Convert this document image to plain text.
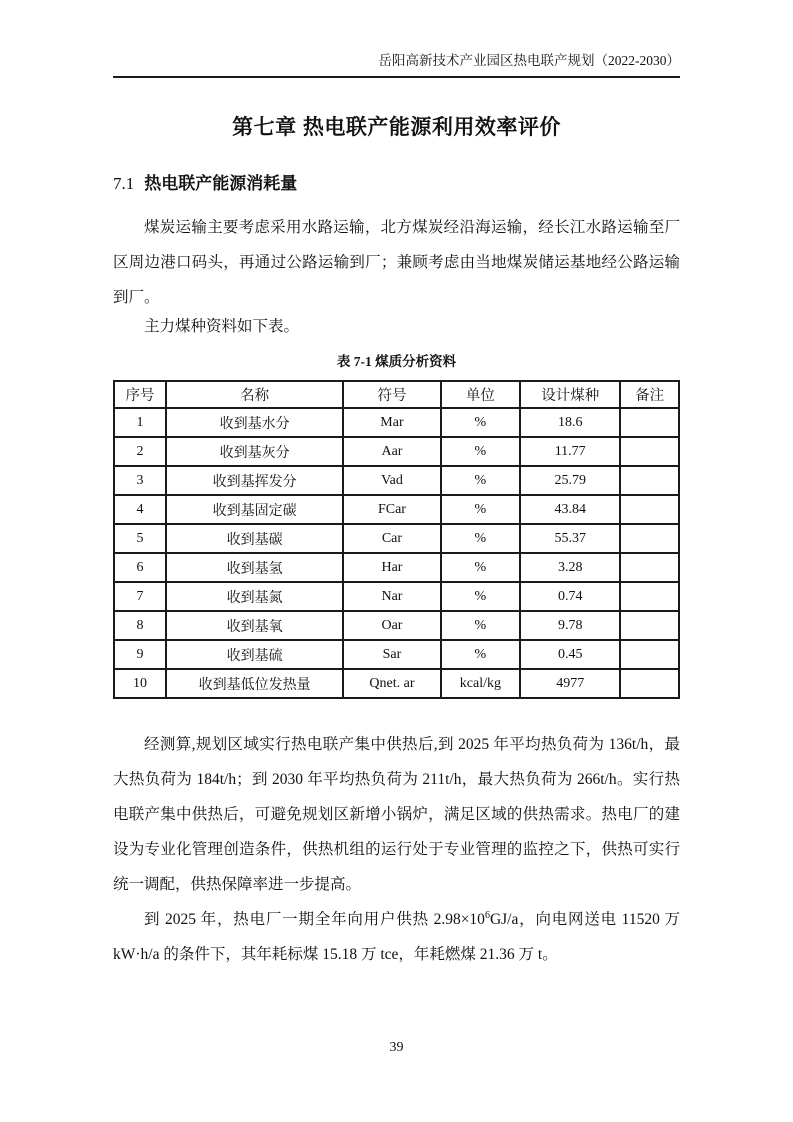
岳阳高新技术产业园区热电联产规划（2022-2030）
第七章 热电联产能源利用效率评价
7.1 热电联产能源消耗量

煤炭运输主要考虑采用水路运输，北方煤炭经沿海运输，经长江水路运输至厂区周边港口码头，再通过公路运输到厂；兼顾考虑由当地煤炭储运基地经公路运输到厂。

主力煤种资料如下表。

表 7-1 煤质分析资料
序号	名称	符号	单位	设计煤种	备注
1	收到基水分	Mar	%	18.6	
2	收到基灰分	Aar	%	11.77	
3	收到基挥发分	Vad	%	25.79	
4	收到基固定碳	FCar	%	43.84	
5	收到基碳	Car	%	55.37	
6	收到基氢	Har	%	3.28	
7	收到基氮	Nar	%	0.74	
8	收到基氧	Oar	%	9.78	
9	收到基硫	Sar	%	0.45	
10	收到基低位发热量	Qnet. ar	kcal/kg	4977	

经测算,规划区域实行热电联产集中供热后,到 2025 年平均热负荷为 136t/h，最大热负荷为 184t/h；到 2030 年平均热负荷为 211t/h，最大热负荷为 266t/h。实行热电联产集中供热后，可避免规划区新增小锅炉，满足区域的供热需求。热电厂的建设为专业化管理创造条件，供热机组的运行处于专业管理的监控之下，供热可实行统一调配，供热保障率进一步提高。

到 2025 年，热电厂一期全年向用户供热 $2.98\times 10^6GJ/a$，向电网送电 11520 万 kW·h/a 的条件下，其年耗标煤 15.18 万 tce，年耗燃煤 21.36 万 t。

39
